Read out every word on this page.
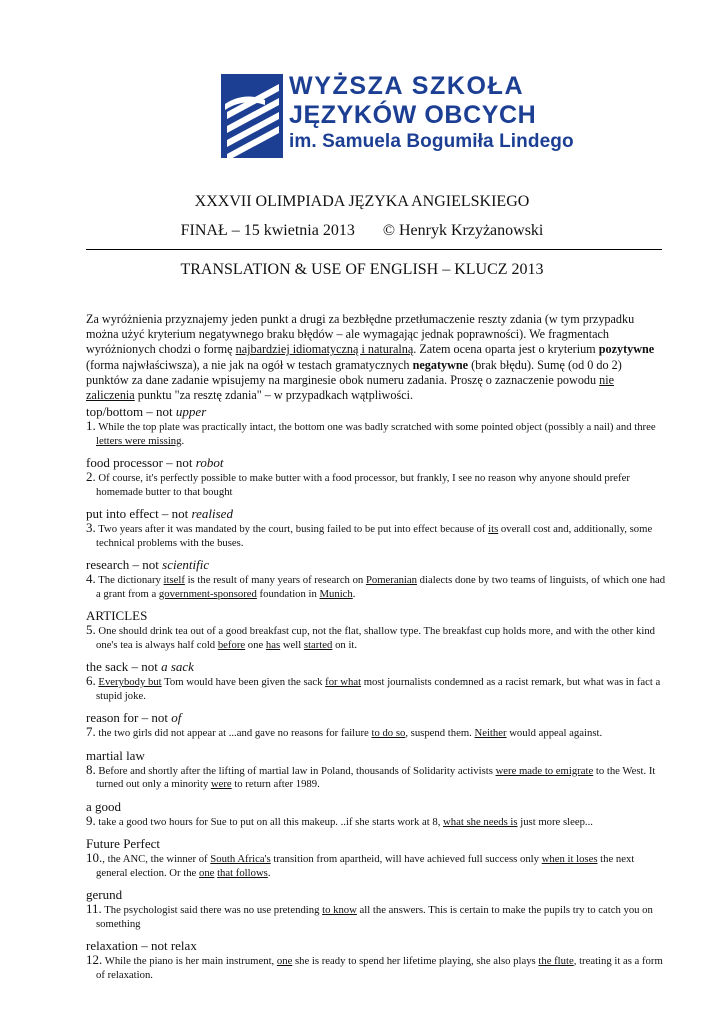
WYŻSZA SZKOŁA
JĘZYKÓW OBCYCH
im. Samuela Bogumiła Lindego
XXXVII OLIMPIADA JĘZYKA ANGIELSKIEGO
FINAŁ – 15 kwietnia 2013 © Henryk Krzyżanowski
TRANSLATION & USE OF ENGLISH – KLUCZ 2013

Za wyróżnienia przyznajemy jeden punkt a drugi za bezbłędne przetłumaczenie reszty zdania (w tym przypadku można użyć kryterium negatywnego braku błędów – ale wymagając jednak poprawności). We fragmentach wyróżnionych chodzi o formę najbardziej idiomatyczną i naturalną. Zatem ocena oparta jest o kryterium pozytywne (forma najwłaściwsza), a nie jak na ogół w testach gramatycznych negatywne (brak błędu). Sumę (od 0 do 2) punktów za dane zadanie wpisujemy na marginesie obok numeru zadania. Proszę o zaznaczenie powodu nie zaliczenia punktu "za resztę zdania" – w przypadkach wątpliwości.

top/bottom – not upper
1. While the top plate was practically intact, the bottom one was badly scratched with some pointed object (possibly a nail) and three letters were missing.
food processor – not robot
2. Of course, it's perfectly possible to make butter with a food processor, but frankly, I see no reason why anyone should prefer homemade butter to that bought
put into effect – not realised
3. Two years after it was mandated by the court, busing failed to be put into effect because of its overall cost and, additionally, some technical problems with the buses.
research – not scientific
4. The dictionary itself is the result of many years of research on Pomeranian dialects done by two teams of linguists, of which one had a grant from a government-sponsored foundation in Munich.
ARTICLES
5. One should drink tea out of a good breakfast cup, not the flat, shallow type. The breakfast cup holds more, and with the other kind one's tea is always half cold before one has well started on it.
the sack – not a sack
6. Everybody but Tom would have been given the sack for what most journalists condemned as a racist remark, but what was in fact a stupid joke.
reason for – not of
7. the two girls did not appear at ...and gave no reasons for failure to do so, suspend them. Neither would appeal against.
martial law
8. Before and shortly after the lifting of martial law in Poland, thousands of Solidarity activists were made to emigrate to the West. It turned out only a minority were to return after 1989.
a good
9. take a good two hours for Sue to put on all this makeup. ..if she starts work at 8, what she needs is just more sleep...
Future Perfect
10., the ANC, the winner of South Africa's transition from apartheid, will have achieved full success only when it loses the next general election. Or the one that follows.
gerund
11. The psychologist said there was no use pretending to know all the answers. This is certain to make the pupils try to catch you on something
relaxation – not relax
12. While the piano is her main instrument, one she is ready to spend her lifetime playing, she also plays the flute, treating it as a form of relaxation.
